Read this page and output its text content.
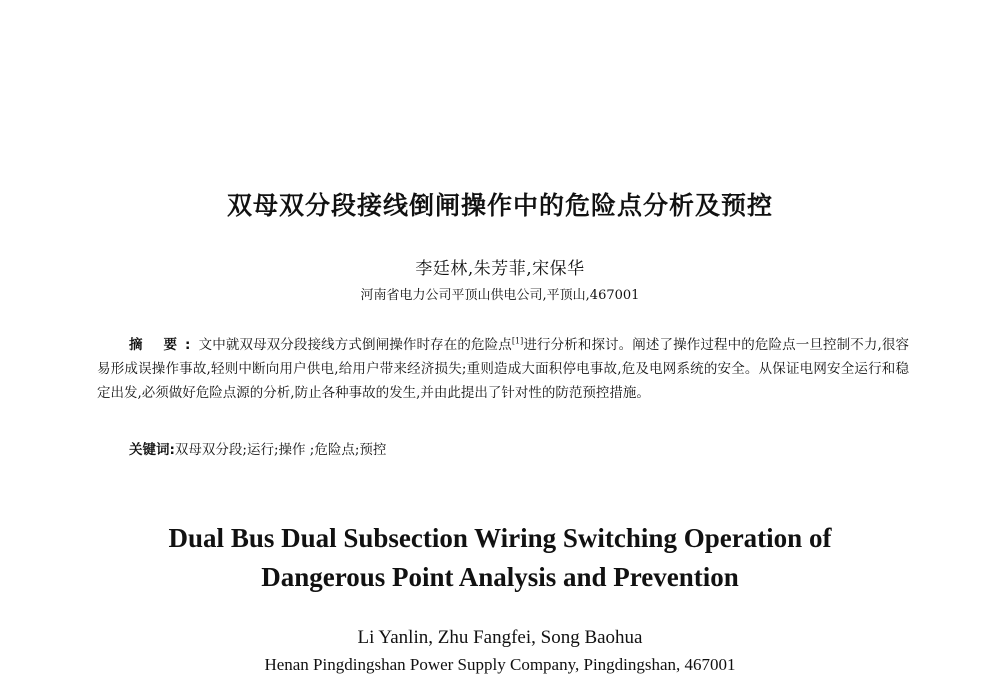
双母双分段接线倒闸操作中的危险点分析及预控
李廷林,朱芳菲,宋保华
河南省电力公司平顶山供电公司,平顶山,467001

摘 要:文中就双母双分段接线方式倒闸操作时存在的危险点[1]进行分析和探讨。阐述了操作过程中的危险点一旦控制不力,很容易形成误操作事故,轻则中断向用户供电,给用户带来经济损失;重则造成大面积停电事故,危及电网系统的安全。从保证电网安全运行和稳定出发,必须做好危险点源的分析,防止各种事故的发生,并由此提出了针对性的防范预控措施。

关键词:双母双分段;运行;操作 ;危险点;预控

Dual Bus Dual Subsection Wiring Switching Operation of
Dangerous Point Analysis and Prevention
Li Yanlin, Zhu Fangfei, Song Baohua
Henan Pingdingshan Power Supply Company, Pingdingshan, 467001
